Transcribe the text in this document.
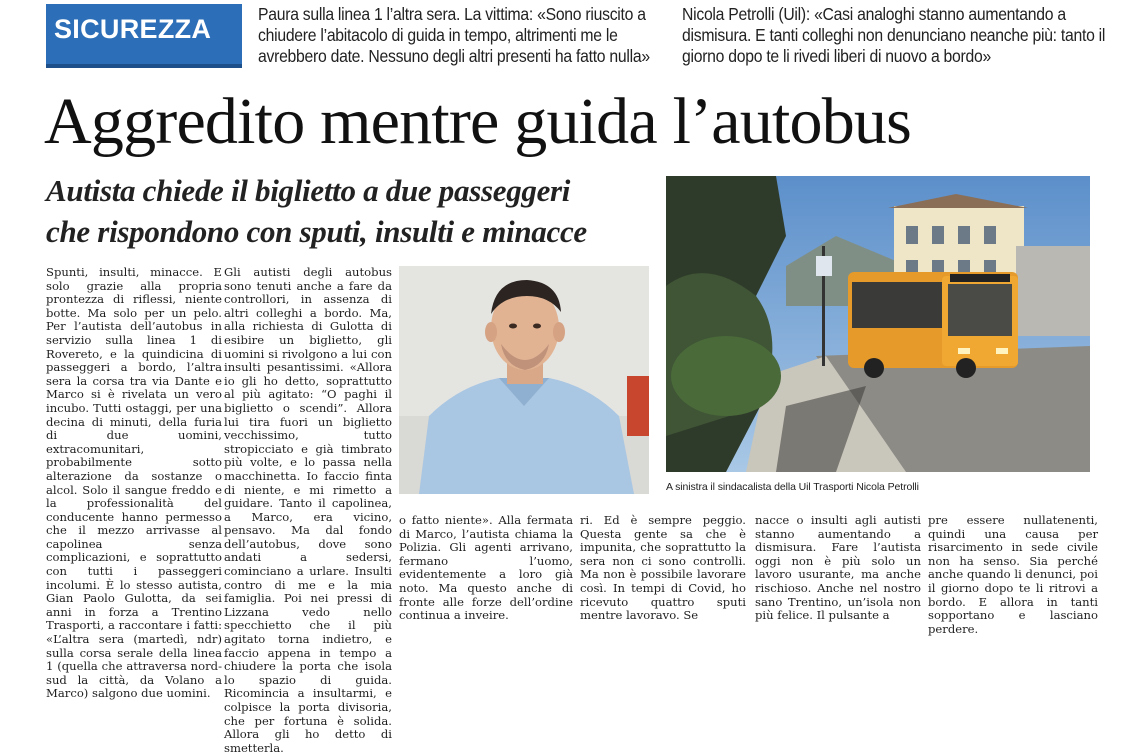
SICUREZZA	Paura sulla linea 1 l’altra sera. La vittima: «Sono riuscito a chiudere l’abitacolo di guida in tempo, altrimenti me le avrebbero date. Nessuno degli altri presenti ha fatto nulla»
Nicola Petrolli (Uil): «Casi analoghi stanno aumentando a dismisura. E tanti colleghi non denunciano neanche più: tanto il giorno dopo te li rivedi liberi di nuovo a bordo»
Aggredito mentre guida l’autobus
Autista chiede il biglietto a due passeggeri
che rispondono con sputi, insulti e minacce

Spunti, insulti, minacce. E solo grazie alla propria prontezza di riflessi, niente botte. Ma solo per un pelo. Per l’autista dell’autobus in servizio sulla linea 1 di Rovereto, e la quindicina di passeggeri a bordo, l’altra sera la corsa tra via Dante e Marco si è rivelata un vero incubo. Tutti ostaggi, per una decina di minuti, della furia di due uomini, extracomunitari, probabilmente sotto alterazione da sostanze o alcol. Solo il sangue freddo e la professionalità del conducente hanno permesso che il mezzo arrivasse al capolinea senza complicazioni, e soprattutto con tutti i passeggeri incolumi. È lo stesso autista, Gian Paolo Gulotta, da sei anni in forza a Trentino Trasporti, a raccontare i fatti: «L’altra sera (martedì, ndr) sulla corsa serale della linea 1 (quella che attraversa nord-sud la città, da Volano a Marco) salgono due uomini.

Gli autisti degli autobus sono tenuti anche a fare da controllori, in assenza di altri colleghi a bordo. Ma, alla richiesta di Gulotta di esibire un biglietto, gli uomini si rivolgono a lui con insulti pesantissimi. «Allora io gli ho detto, soprattutto al più agitato: “O paghi il biglietto o scendi”. Allora lui tira fuori un biglietto vecchissimo, tutto stropicciato e già timbrato più volte, e lo passa nella macchinetta. Io faccio finta di niente, e mi rimetto a guidare. Tanto il capolinea, a Marco, era vicino, pensavo. Ma dal fondo dell’autobus, dove sono andati a sedersi, cominciano a urlare. Insulti contro di me e la mia famiglia. Poi nei pressi di Lizzana vedo nello specchietto che il più agitato torna indietro, e faccio appena in tempo a chiudere la porta che isola lo spazio di guida. Ricomincia a insultarmi, e colpisce la porta divisoria, che per fortuna è solida. Allora gli ho detto di smetterla.

o fatto niente». Alla fermata di Marco, l’autista chiama la Polizia. Gli agenti arrivano, fermano l’uomo, evidentemente a loro già noto. Ma questo anche di fronte alle forze dell’ordine continua a inveire.

ri. Ed è sempre peggio. Questa gente sa che è impunita, che soprattutto la sera non ci sono controlli. Ma non è possibile lavorare così. In tempi di Covid, ho ricevuto quattro sputi mentre lavoravo. Se

nacce o insulti agli autisti stanno aumentando a dismisura. Fare l’autista oggi non è più solo un lavoro usurante, ma anche rischioso. Anche nel nostro sano Trentino, un’isola non più felice. Il pulsante a

pre essere nullatenenti, quindi una causa per risarcimento in sede civile non ha senso. Sia perché anche quando li denunci, poi il giorno dopo te li ritrovi a bordo. E allora in tanti sopportano e lasciano perdere.

A sinistra il sindacalista della Uil Trasporti Nicola Petrolli
